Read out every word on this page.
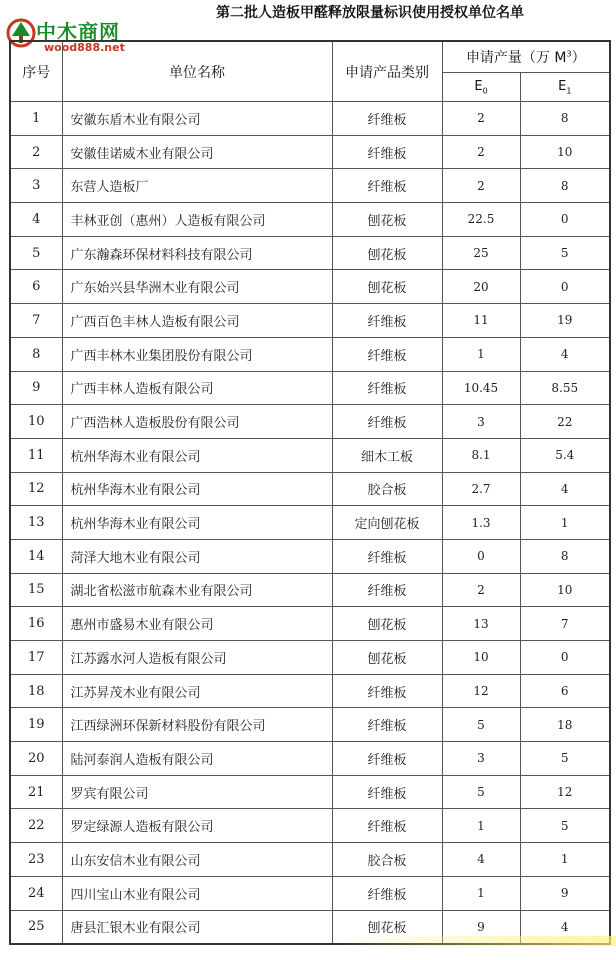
第二批人造板甲醛释放限量标识使用授权单位名单
中木商网
wood888.net
序号	单位名称	申请产品类别	申请产量（万 $M^3$）	
			$E_0$	$E_1$
1	安徽东盾木业有限公司	纤维板	2	8
2	安徽佳诺威木业有限公司	纤维板	2	10
3	东营人造板厂	纤维板	2	8
4	丰林亚创（惠州）人造板有限公司	刨花板	22.5	0
5	广东瀚森环保材料科技有限公司	刨花板	25	5
6	广东始兴县华洲木业有限公司	刨花板	20	0
7	广西百色丰林人造板有限公司	纤维板	11	19
8	广西丰林木业集团股份有限公司	纤维板	1	4
9	广西丰林人造板有限公司	纤维板	10.45	8.55
10	广西浩林人造板股份有限公司	纤维板	3	22
11	杭州华海木业有限公司	细木工板	8.1	5.4
12	杭州华海木业有限公司	胶合板	2.7	4
13	杭州华海木业有限公司	定向刨花板	1.3	1
14	菏泽大地木业有限公司	纤维板	0	8
15	湖北省松滋市航森木业有限公司	纤维板	2	10
16	惠州市盛易木业有限公司	刨花板	13	7
17	江苏露水河人造板有限公司	刨花板	10	0
18	江苏昇茂木业有限公司	纤维板	12	6
19	江西绿洲环保新材料股份有限公司	纤维板	5	18
20	陆河泰润人造板有限公司	纤维板	3	5
21	罗宾有限公司	纤维板	5	12
22	罗定绿源人造板有限公司	纤维板	1	5
23	山东安信木业有限公司	胶合板	4	1
24	四川宝山木业有限公司	纤维板	1	9
25	唐县汇银木业有限公司	刨花板	9	4
